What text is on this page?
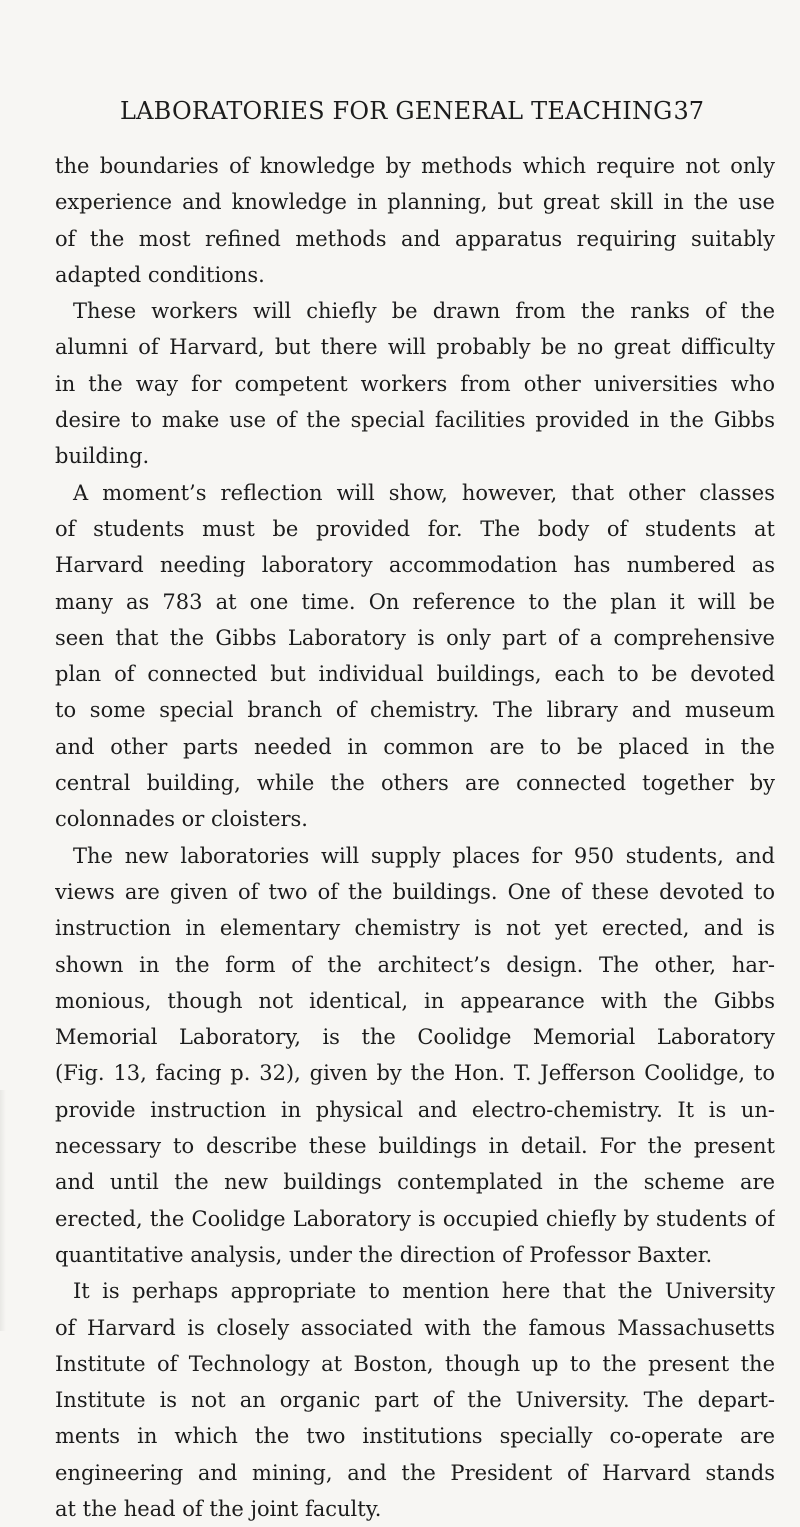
LABORATORIES FOR GENERAL TEACHING 37
the boundaries of knowledge by methods which require not only
experience and knowledge in planning, but great skill in the use
of the most refined methods and apparatus requiring suitably
adapted conditions.
These workers will chiefly be drawn from the ranks of the
alumni of Harvard, but there will probably be no great difficulty
in the way for competent workers from other universities who
desire to make use of the special facilities provided in the Gibbs
building.
A moment’s reflection will show, however, that other classes
of students must be provided for. The body of students at
Harvard needing laboratory accommodation has numbered as
many as 783 at one time. On reference to the plan it will be
seen that the Gibbs Laboratory is only part of a comprehensive
plan of connected but individual buildings, each to be devoted
to some special branch of chemistry. The library and museum
and other parts needed in common are to be placed in the
central building, while the others are connected together by
colonnades or cloisters.
The new laboratories will supply places for 950 students, and
views are given of two of the buildings. One of these devoted to
instruction in elementary chemistry is not yet erected, and is
shown in the form of the architect’s design. The other, har-
monious, though not identical, in appearance with the Gibbs
Memorial Laboratory, is the Coolidge Memorial Laboratory
(Fig. 13, facing p. 32), given by the Hon. T. Jefferson Coolidge, to
provide instruction in physical and electro-chemistry. It is un-
necessary to describe these buildings in detail. For the present
and until the new buildings contemplated in the scheme are
erected, the Coolidge Laboratory is occupied chiefly by students of
quantitative analysis, under the direction of Professor Baxter.
It is perhaps appropriate to mention here that the University
of Harvard is closely associated with the famous Massachusetts
Institute of Technology at Boston, though up to the present the
Institute is not an organic part of the University. The depart-
ments in which the two institutions specially co-operate are
engineering and mining, and the President of Harvard stands
at the head of the joint faculty.
